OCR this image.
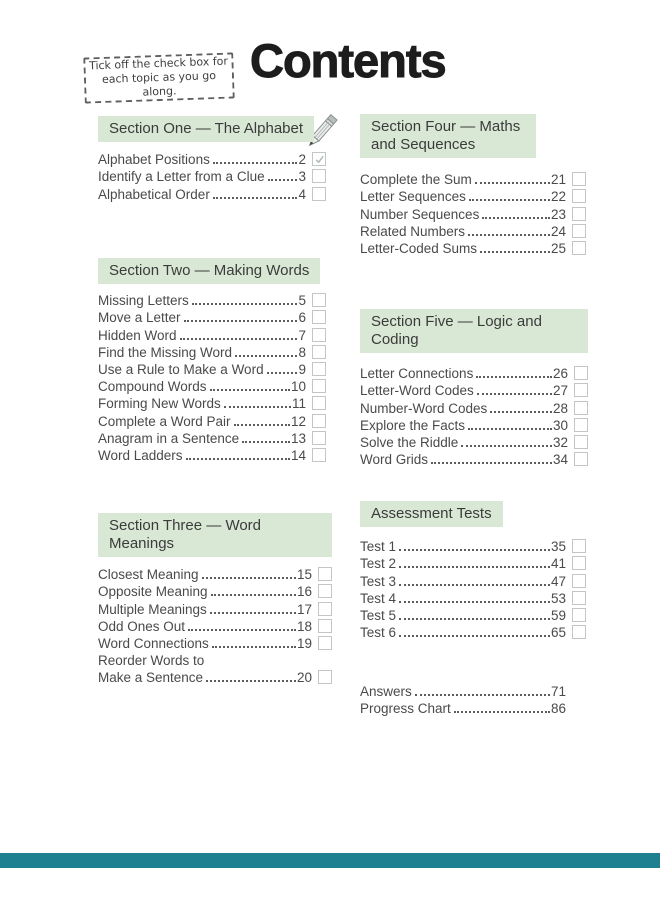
Contents
Tick off the check box for
each topic as you go along.
Section One — The Alphabet
Alphabet Positions	2
Identify a Letter from a Clue	3
Alphabetical Order	4
Section Two — Making Words
Missing Letters	5
Move a Letter	6
Hidden Word	7
Find the Missing Word	8
Use a Rule to Make a Word	9
Compound Words	10
Forming New Words	11
Complete a Word Pair	12
Anagram in a Sentence	13
Word Ladders	14
Section Three — Word Meanings
Closest Meaning	15
Opposite Meaning	16
Multiple Meanings	17
Odd Ones Out	18
Word Connections	19
Reorder Words to
Make a Sentence	20
Section Four — Maths and Sequences
Complete the Sum	21
Letter Sequences	22
Number Sequences	23
Related Numbers	24
Letter-Coded Sums	25
Section Five — Logic and Coding
Letter Connections	26
Letter-Word Codes	27
Number-Word Codes	28
Explore the Facts	30
Solve the Riddle	32
Word Grids	34
Assessment Tests
Test 1	35
Test 2	41
Test 3	47
Test 4	53
Test 5	59
Test 6	65
Answers	71
Progress Chart	86
